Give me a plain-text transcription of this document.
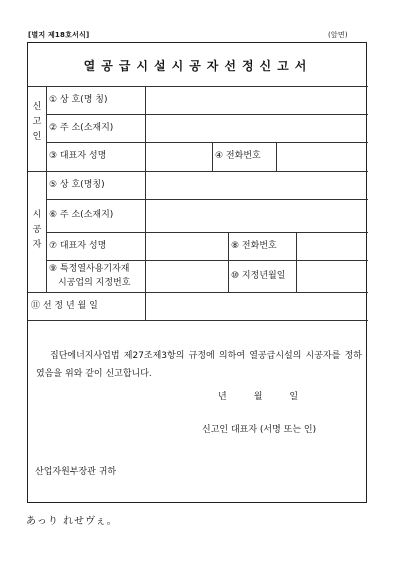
[별지 제18호서식]	(앞면)
열공급시설시공자선정신고서
신
고
인
① 상 호(명 칭)
② 주 소(소재지)
③ 대표자 성명	④ 전화번호
시
공
자
⑤ 상 호(명칭)
⑥ 주 소(소재지)
⑦ 대표자 성명	⑧ 전화번호
⑨ 특정열사용기자재
시공업의 지정번호
⑩ 지정년월일
⑪ 선 정 년 월 일
집단에너지사업법 제27조제3항의 규정에 의하여 열공급시설의 시공자를 정하였음을 위와 같이 신고합니다.
년　　　월　　　일
신고인 대표자 (서명 또는 인)
산업자원부장관 귀하
あっり れせヴぇ。
